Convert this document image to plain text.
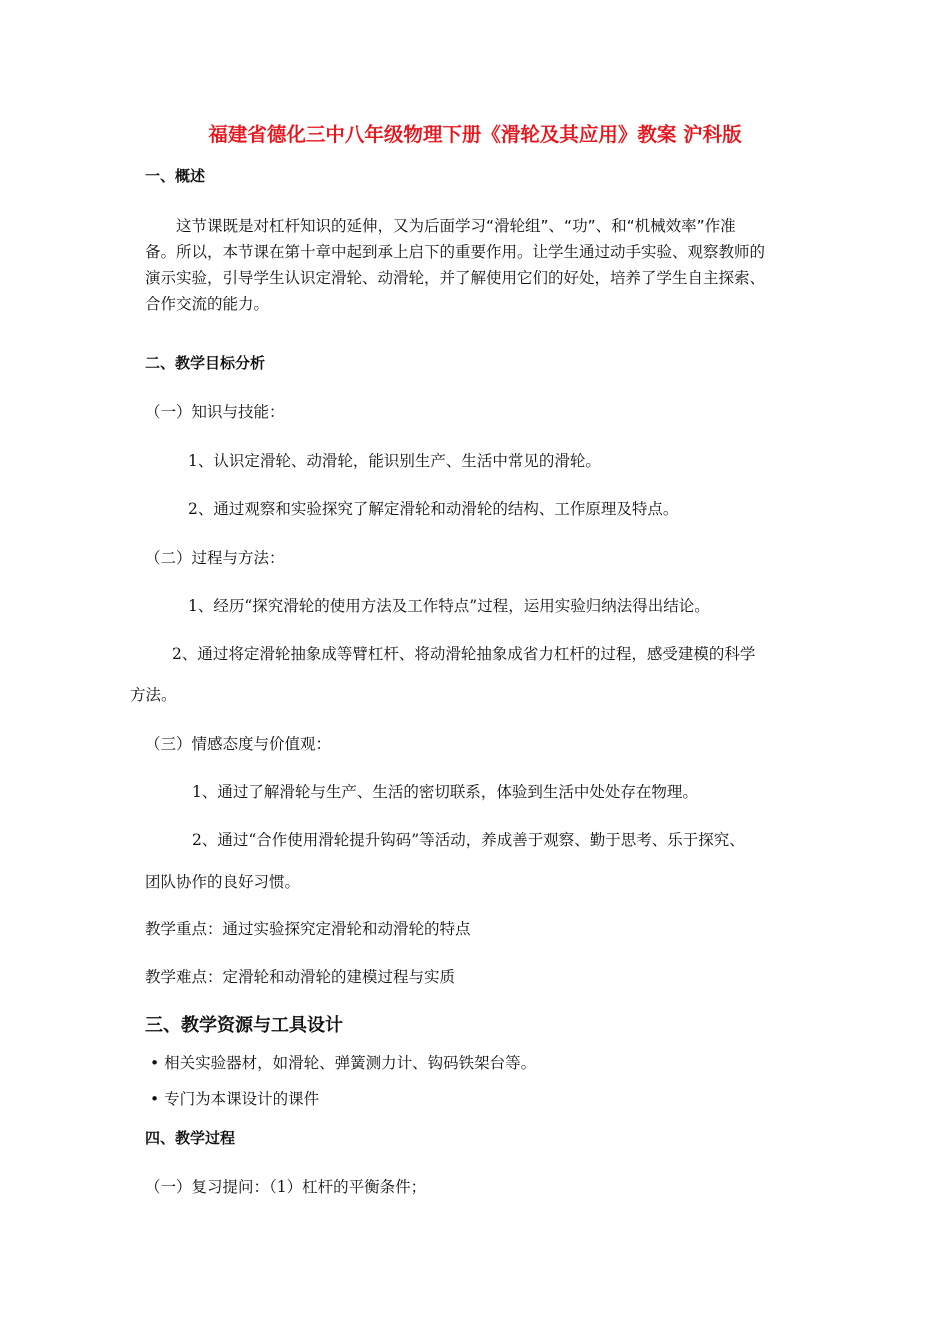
福建省德化三中八年级物理下册《滑轮及其应用》教案 沪科版
一、概述
这节课既是对杠杆知识的延伸，又为后面学习“滑轮组”、“功”、和“机械效率”作准
备。所以，本节课在第十章中起到承上启下的重要作用。让学生通过动手实验、观察教师的
演示实验，引导学生认识定滑轮、动滑轮，并了解使用它们的好处，培养了学生自主探索、
合作交流的能力。
二、教学目标分析
（一）知识与技能：
1、认识定滑轮、动滑轮，能识别生产、生活中常见的滑轮。
2、通过观察和实验探究了解定滑轮和动滑轮的结构、工作原理及特点。
（二）过程与方法：
1、经历“探究滑轮的使用方法及工作特点”过程，运用实验归纳法得出结论。
2、通过将定滑轮抽象成等臂杠杆、将动滑轮抽象成省力杠杆的过程，感受建模的科学
方法。
（三）情感态度与价值观：
1、通过了解滑轮与生产、生活的密切联系，体验到生活中处处存在物理。
2、通过“合作使用滑轮提升钩码”等活动，养成善于观察、勤于思考、乐于探究、
团队协作的良好习惯。
教学重点：通过实验探究定滑轮和动滑轮的特点
教学难点：定滑轮和动滑轮的建模过程与实质
三、教学资源与工具设计
• 相关实验器材，如滑轮、弹簧测力计、钩码铁架台等。
• 专门为本课设计的课件
四、教学过程
（一）复习提问：（1）杠杆的平衡条件；
